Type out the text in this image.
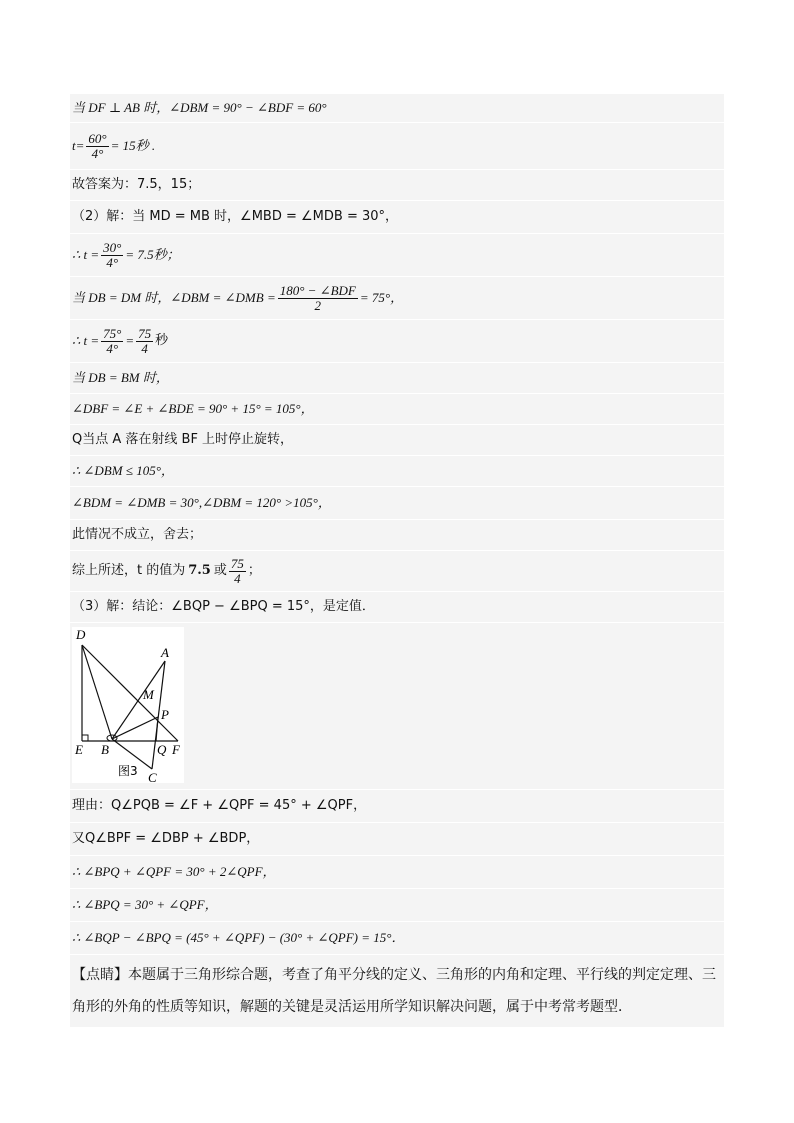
当 DF ⊥ AB 时，∠DBM = 90° − ∠BDF = 60°
$t= \frac{60^\circ}{4^\circ} = 15$秒 .
故答案为：7.5，15；
（2）解：当 MD = MB 时，∠MBD = ∠MDB = 30°，
∴ $t = \frac{30^\circ}{4^\circ} = 7.5$秒；
当 DB = DM 时，∠DBM = ∠DMB = $\frac{\text{180° − ∠BDF}}{2} = 75^\circ$，
∴ $t = \frac{75^\circ}{4^\circ} = \frac{75}{4}$ 秒
当 DB = BM 时，
∠DBF = ∠E + ∠BDE = 90° + 15° = 105°，
Q当点 A 落在射线 BF 上时停止旋转，
∴ ∠DBM ≤ 105°，
∠BDM = ∠DMB = 30°,∠DBM = 120° >105°，
此情况不成立，舍去；
综上所述，t 的值为 7.5 或 $\frac{75}{4}$ ；
（3）解：结论：∠BQP − ∠BPQ = 15°，是定值．
D
A
M
P
E B	Q F
C
图3
理由：Q∠PQB = ∠F + ∠QPF = 45° + ∠QPF，
又Q∠BPF = ∠DBP + ∠BDP，
∴ ∠BPQ + ∠QPF = 30° + 2∠QPF，
∴ ∠BPQ = 30° + ∠QPF，
∴ ∠BQP − ∠BPQ = (45° + ∠QPF) − (30° + ∠QPF) = 15°．
【点睛】本题属于三角形综合题，考查了角平分线的定义、三角形的内角和定理、平行线的判定定理、三角形的外角的性质等知识，解题的关键是灵活运用所学知识解决问题，属于中考常考题型．
